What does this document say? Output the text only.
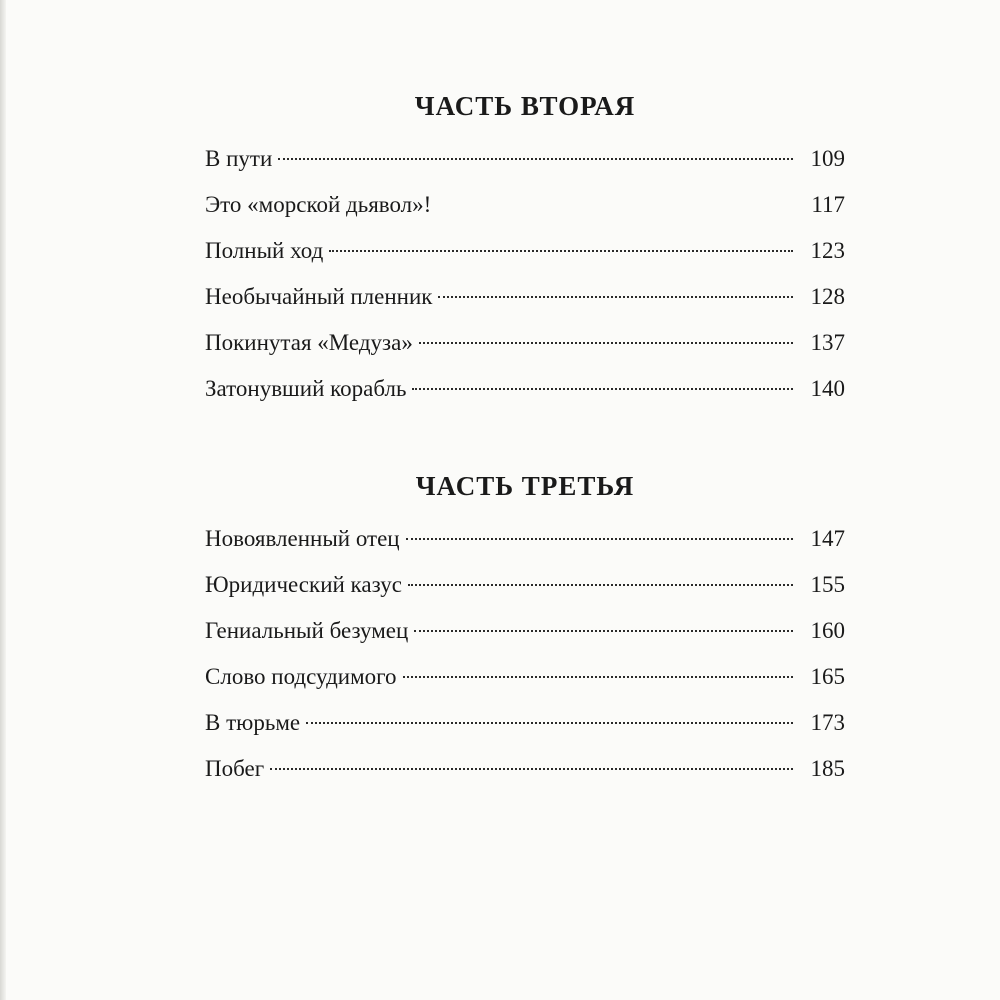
ЧАСТЬ ВТОРАЯ
В пути	109
Это «морской дьявол»!	117
Полный ход	123
Необычайный пленник	128
Покинутая «Медуза»	137
Затонувший корабль	140
ЧАСТЬ ТРЕТЬЯ
Новоявленный отец	147
Юридический казус	155
Гениальный безумец	160
Слово подсудимого	165
В тюрьме	173
Побег	185
